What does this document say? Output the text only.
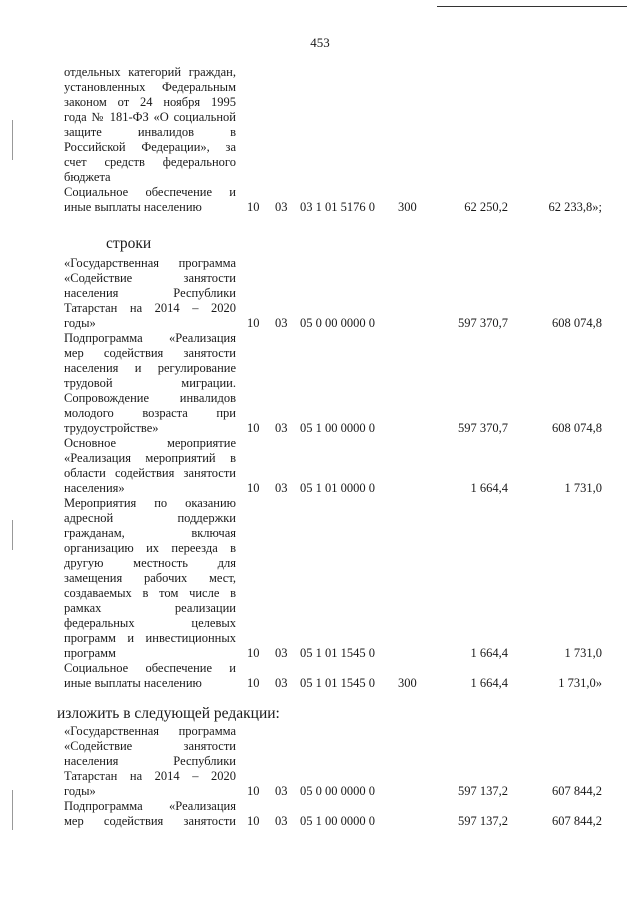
453
отдельных категорий граждан,
установленных Федеральным
законом от 24 ноября 1995
года № 181-ФЗ «О социальной
защите инвалидов в
Российской Федерации», за
счет средств федерального
бюджета
Социальное обеспечение и
иные выплаты населению	10 03 03 1 01 5176 0 300	62 250,2	62 233,8»;
строки
«Государственная программа
«Содействие занятости
населения Республики
Татарстан на 2014 – 2020
годы»	10 03 05 0 00 0000 0	597 370,7	608 074,8
Подпрограмма «Реализация
мер содействия занятости
населения и регулирование
трудовой миграции.
Сопровождение инвалидов
молодого возраста при
трудоустройстве»	10 03 05 1 00 0000 0	597 370,7	608 074,8
Основное мероприятие
«Реализация мероприятий в
области содействия занятости
населения»	10 03 05 1 01 0000 0	1 664,4	1 731,0
Мероприятия по оказанию
адресной поддержки
гражданам, включая
организацию их переезда в
другую местность для
замещения рабочих мест,
создаваемых в том числе в
рамках реализации
федеральных целевых
программ и инвестиционных
программ	10 03 05 1 01 1545 0	1 664,4	1 731,0
Социальное обеспечение и
иные выплаты населению	10 03 05 1 01 1545 0 300	1 664,4	1 731,0»
изложить в следующей редакции:
«Государственная программа
«Содействие занятости
населения Республики
Татарстан на 2014 – 2020
годы»	10 03 05 0 00 0000 0	597 137,2	607 844,2
Подпрограмма «Реализация
мер содействия занятости 10 03 05 1 00 0000 0	597 137,2	607 844,2
